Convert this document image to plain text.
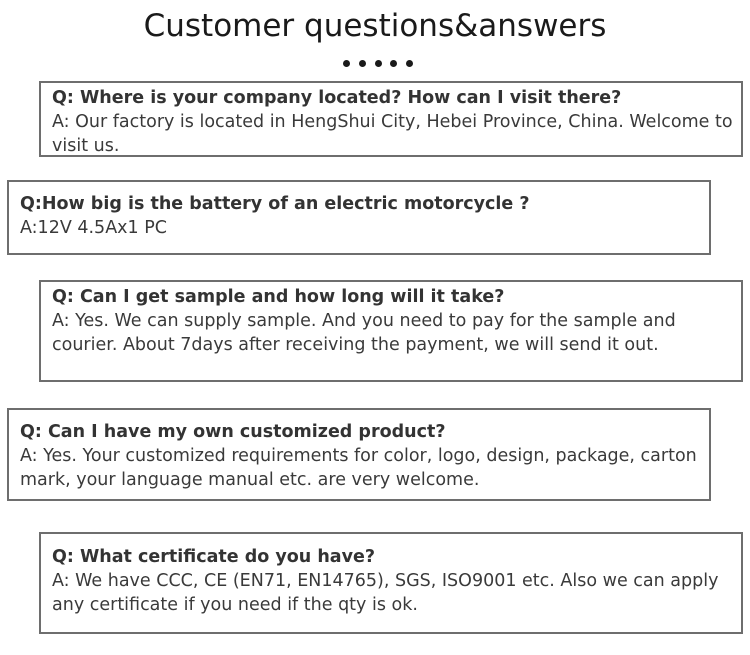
Customer questions&answers
Q: Where is your company located? How can I visit there?
A: Our factory is located in HengShui City, Hebei Province, China. Welcome to visit us.
Q:How big is the battery of an electric motorcycle ?
A:12V 4.5Ax1 PC
Q: Can I get sample and how long will it take?
A: Yes. We can supply sample. And you need to pay for the sample and courier. About 7days after receiving the payment, we will send it out.
Q: Can I have my own customized product?
A: Yes. Your customized requirements for color, logo, design, package, carton mark, your language manual etc. are very welcome.
Q: What certificate do you have?
A: We have CCC, CE (EN71, EN14765), SGS, ISO9001 etc. Also we can apply any certificate if you need if the qty is ok.
